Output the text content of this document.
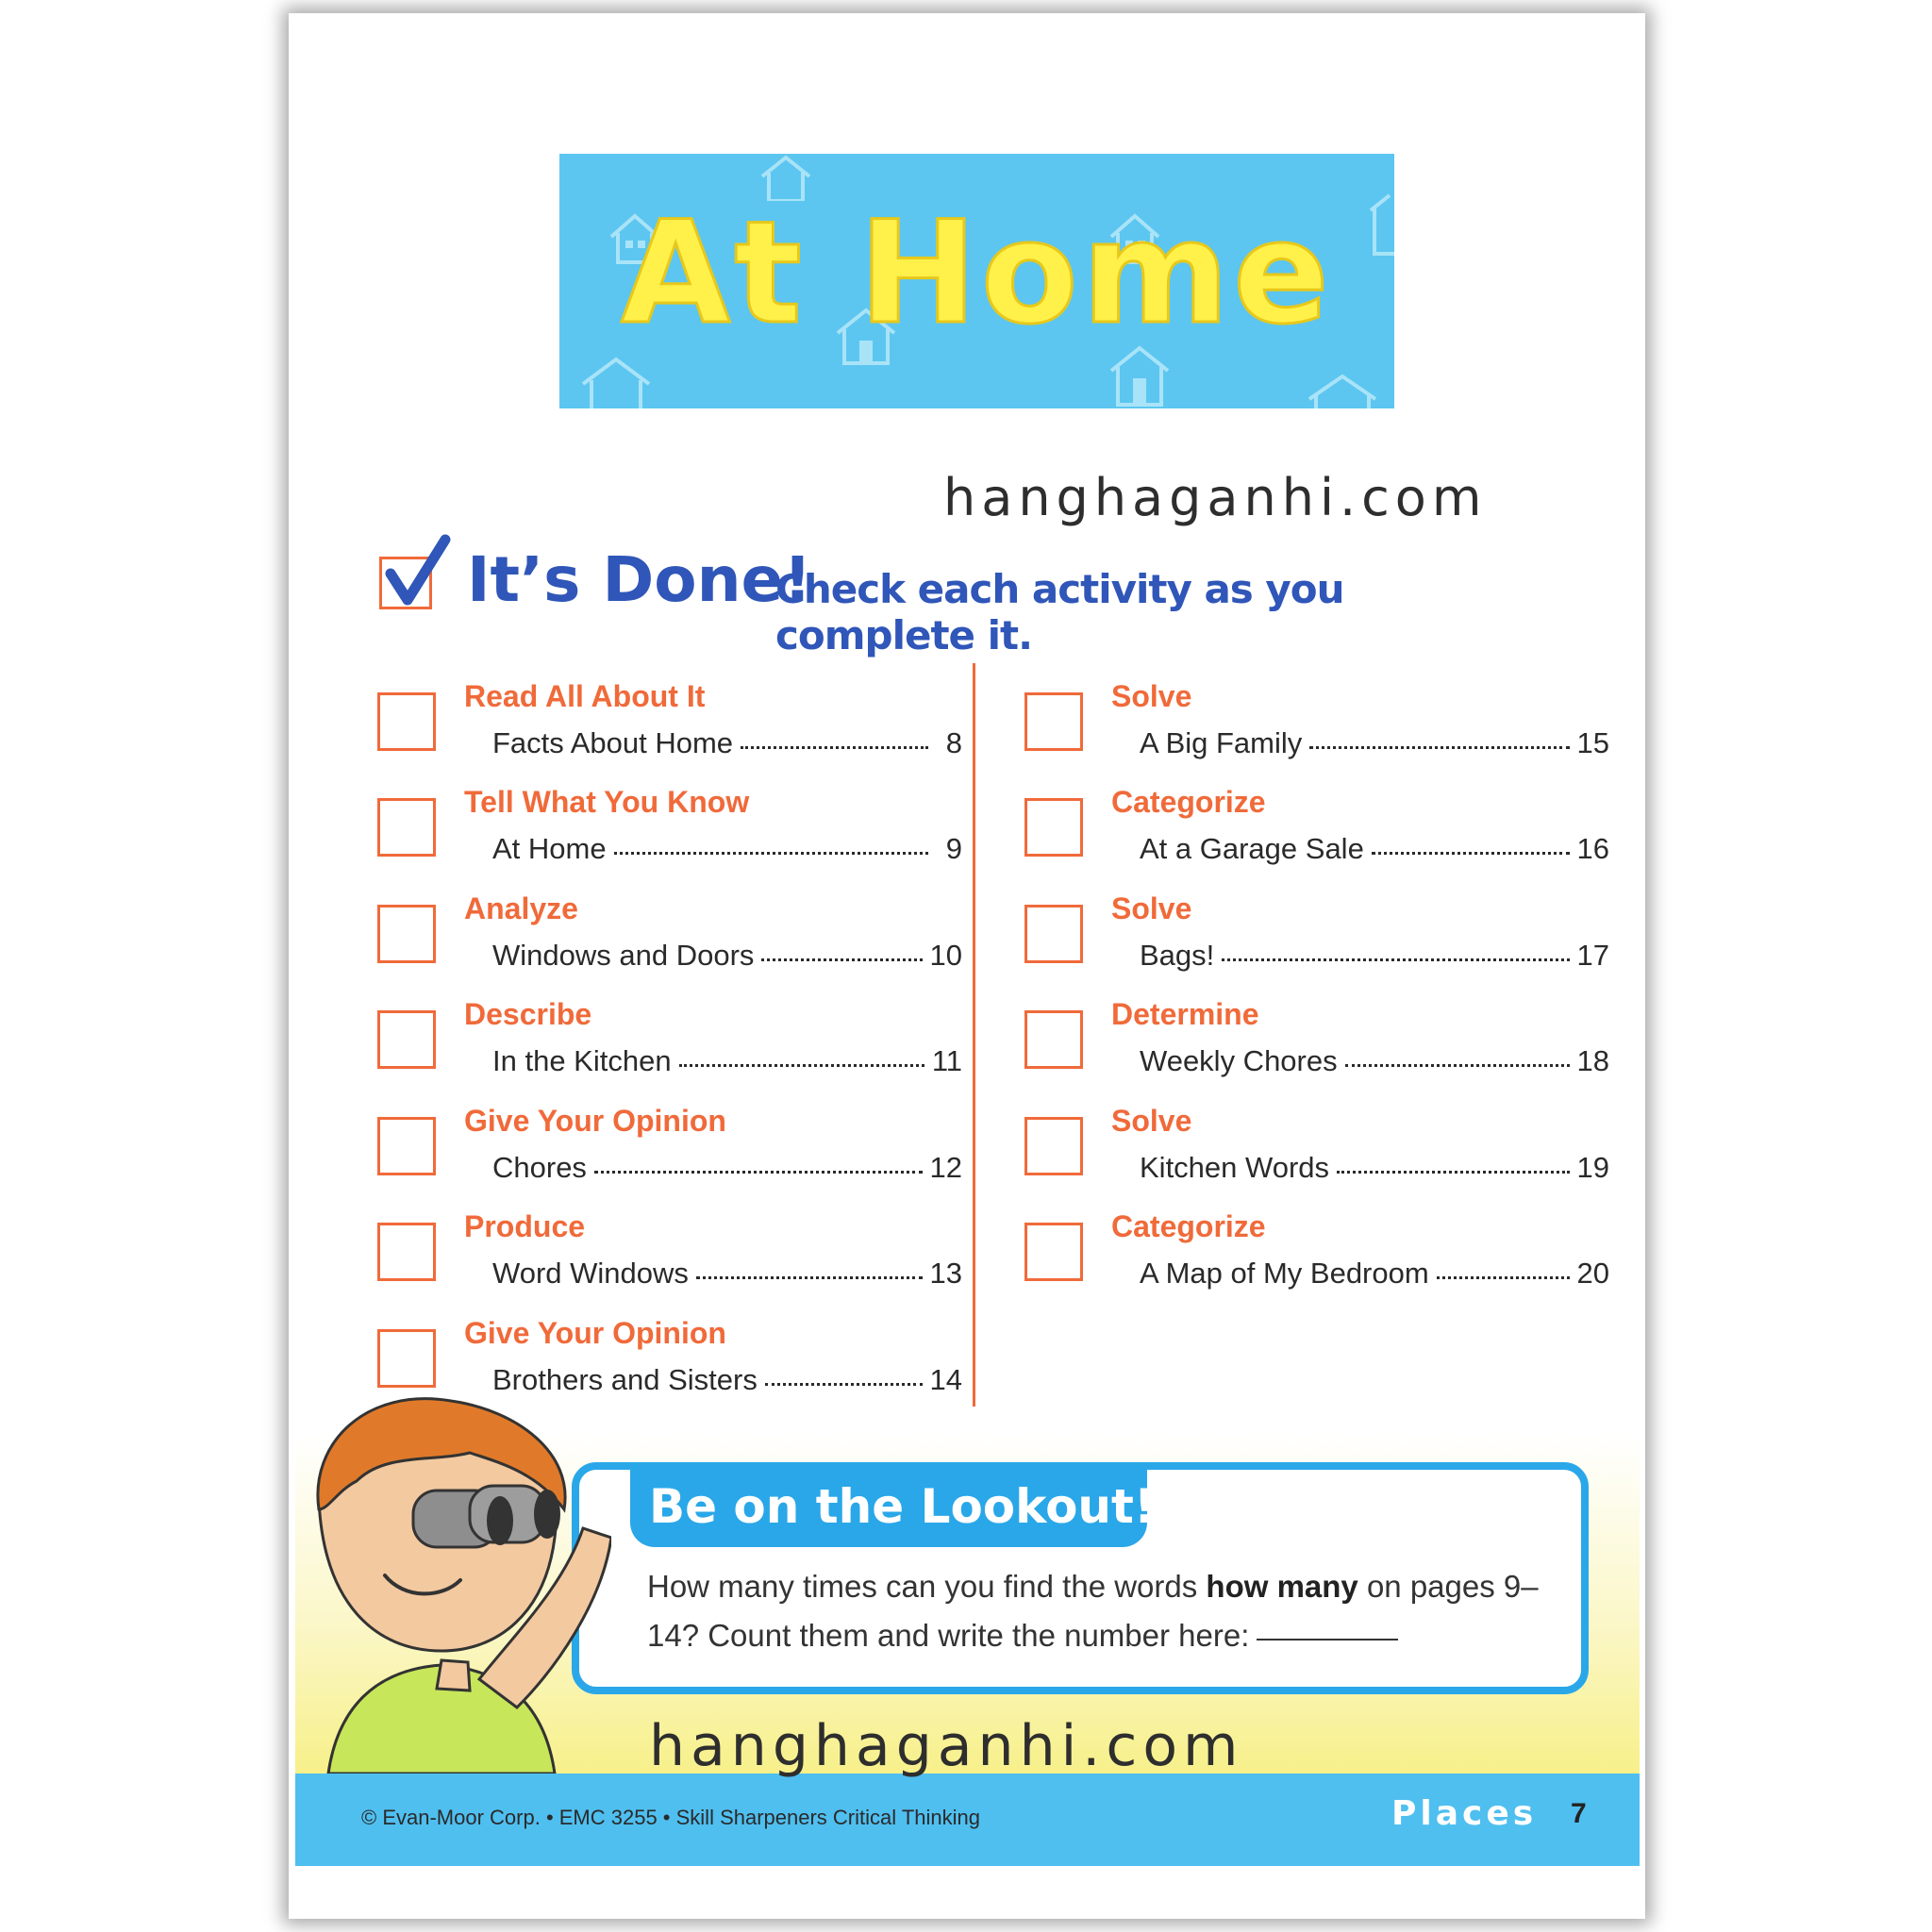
At Home
hanghaganhi.com
It’s Done!
Check each activity as you complete it.
Read All About It
Facts About Home	8
Tell What You Know
At Home	9
Analyze
Windows and Doors	10
Describe
In the Kitchen	11
Give Your Opinion
Chores	12
Produce
Word Windows	13
Give Your Opinion
Brothers and Sisters	14
Solve
A Big Family	15
Categorize
At a Garage Sale	16
Solve
Bags!	17
Determine
Weekly Chores	18
Solve
Kitchen Words	19
Categorize
A Map of My Bedroom	20
Be on the Lookout!
How many times can you find the words how many on pages 9–14? Count them and write the number here:
hanghaganhi.com
© Evan-Moor Corp. • EMC 3255 • Skill Sharpeners Critical Thinking	Places 7
